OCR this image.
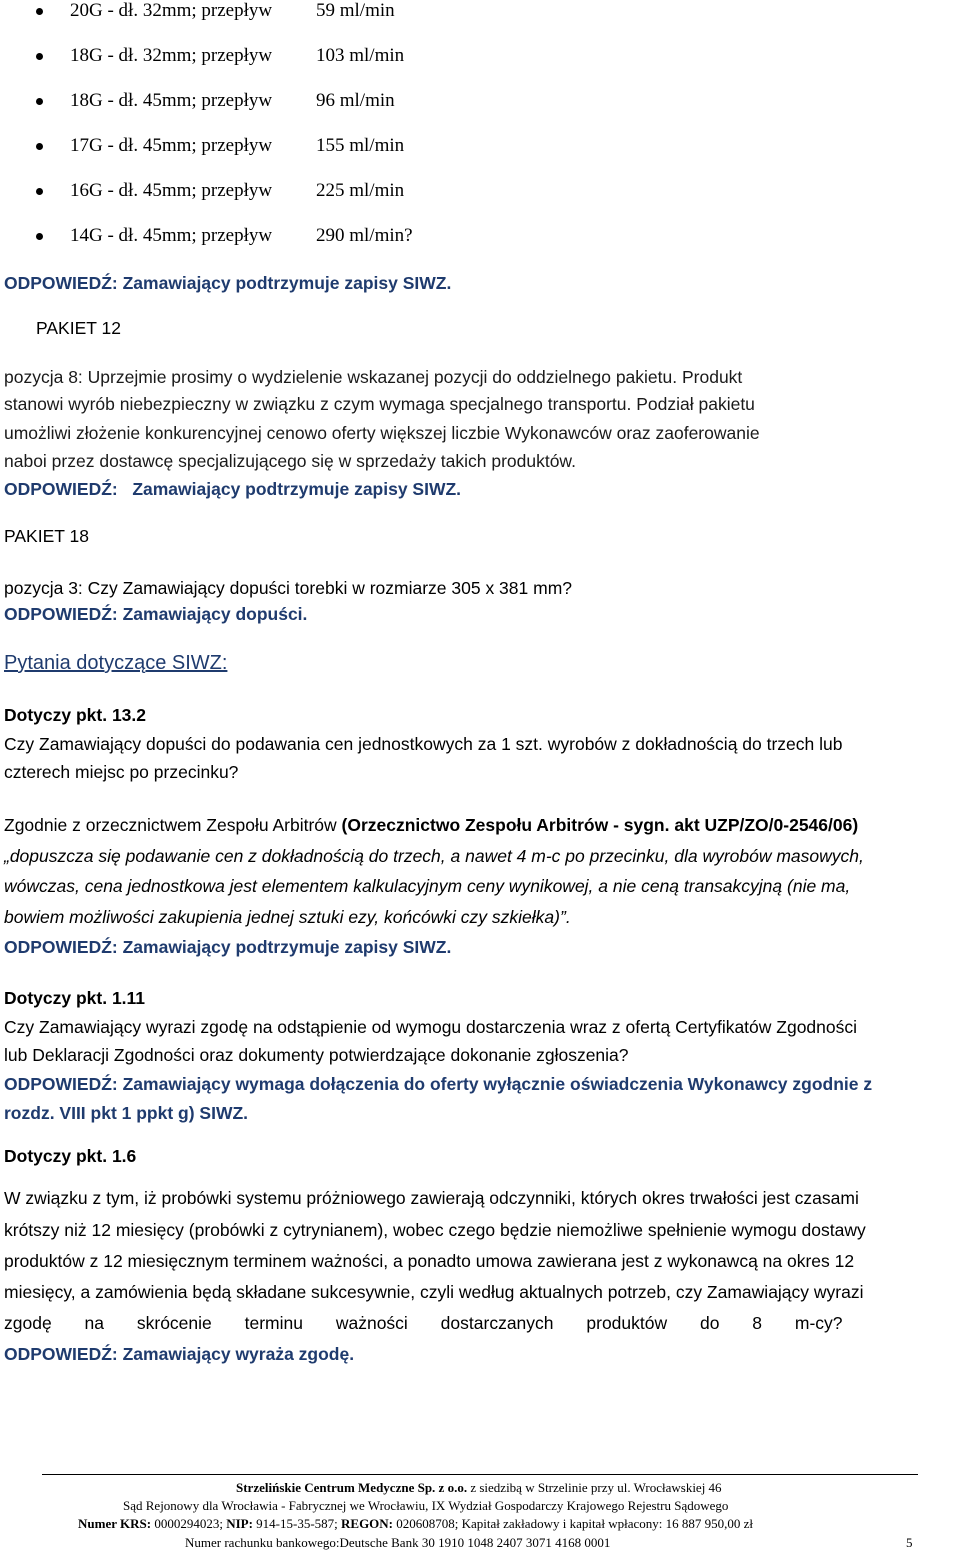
20G - dł. 32mm; przepływ 59 ml/min
18G - dł. 32mm; przepływ 103 ml/min
18G - dł. 45mm; przepływ 96 ml/min
17G - dł. 45mm; przepływ 155 ml/min
16G - dł. 45mm; przepływ 225 ml/min
14G - dł. 45mm; przepływ 290 ml/min?
ODPOWIEDŹ: Zamawiający podtrzymuje zapisy SIWZ.
PAKIET 12
pozycja 8: Uprzejmie prosimy o wydzielenie wskazanej pozycji do oddzielnego pakietu. Produkt
stanowi wyrób niebezpieczny w związku z czym wymaga specjalnego transportu. Podział pakietu
umożliwi złożenie konkurencyjnej cenowo oferty większej liczbie Wykonawców oraz zaoferowanie
naboi przez dostawcę specjalizującego się w sprzedaży takich produktów.
ODPOWIEDŹ:   Zamawiający podtrzymuje zapisy SIWZ.
PAKIET 18
pozycja 3: Czy Zamawiający dopuści torebki w rozmiarze 305 x 381 mm?
ODPOWIEDŹ: Zamawiający dopuści.
Pytania dotyczące SIWZ:
Dotyczy pkt. 13.2
Czy Zamawiający dopuści do podawania cen jednostkowych za 1 szt. wyrobów z dokładnością do trzech lub
czterech miejsc po przecinku?
Zgodnie z orzecznictwem Zespołu Arbitrów (Orzecznictwo Zespołu Arbitrów - sygn. akt UZP/ZO/0-2546/06)
„dopuszcza się podawanie cen z dokładnością do trzech, a nawet 4 m-c po przecinku, dla wyrobów masowych,
wówczas, cena jednostkowa jest elementem kalkulacyjnym ceny wynikowej, a nie ceną transakcyjną (nie ma,
bowiem możliwości zakupienia jednej sztuki ezy, końcówki czy szkiełka)”.
ODPOWIEDŹ: Zamawiający podtrzymuje zapisy SIWZ.
Dotyczy pkt. 1.11
Czy Zamawiający wyrazi zgodę na odstąpienie od wymogu dostarczenia wraz z ofertą Certyfikatów Zgodności
lub Deklaracji Zgodności oraz dokumenty potwierdzające dokonanie zgłoszenia?
ODPOWIEDŹ: Zamawiający wymaga dołączenia do oferty wyłącznie oświadczenia Wykonawcy zgodnie z
rozdz. VIII pkt 1 ppkt g) SIWZ.
Dotyczy pkt. 1.6
W związku z tym, iż probówki systemu próżniowego zawierają odczynniki, których okres trwałości jest czasami
krótszy niż 12 miesięcy (probówki z cytrynianem), wobec czego będzie niemożliwe spełnienie wymogu dostawy
produktów z 12 miesięcznym terminem ważności, a ponadto umowa zawierana jest z wykonawcą na okres 12
miesięcy, a zamówienia będą składane sukcesywnie, czyli według aktualnych potrzeb, czy Zamawiający wyrazi
zgodę na skrócenie terminu ważności dostarczanych produktów do 8 m-cy?
ODPOWIEDŹ: Zamawiający wyraża zgodę.
Strzelińskie Centrum Medyczne Sp. z o.o. z siedzibą w Strzelinie przy ul. Wrocławskiej 46
Sąd Rejonowy dla Wrocławia - Fabrycznej we Wrocławiu, IX Wydział Gospodarczy Krajowego Rejestru Sądowego
Numer KRS: 0000294023; NIP: 914-15-35-587; REGON: 020608708; Kapitał zakładowy i kapitał wpłacony: 16 887 950,00 zł
Numer rachunku bankowego:Deutsche Bank 30 1910 1048 2407 3071 4168 0001	5
